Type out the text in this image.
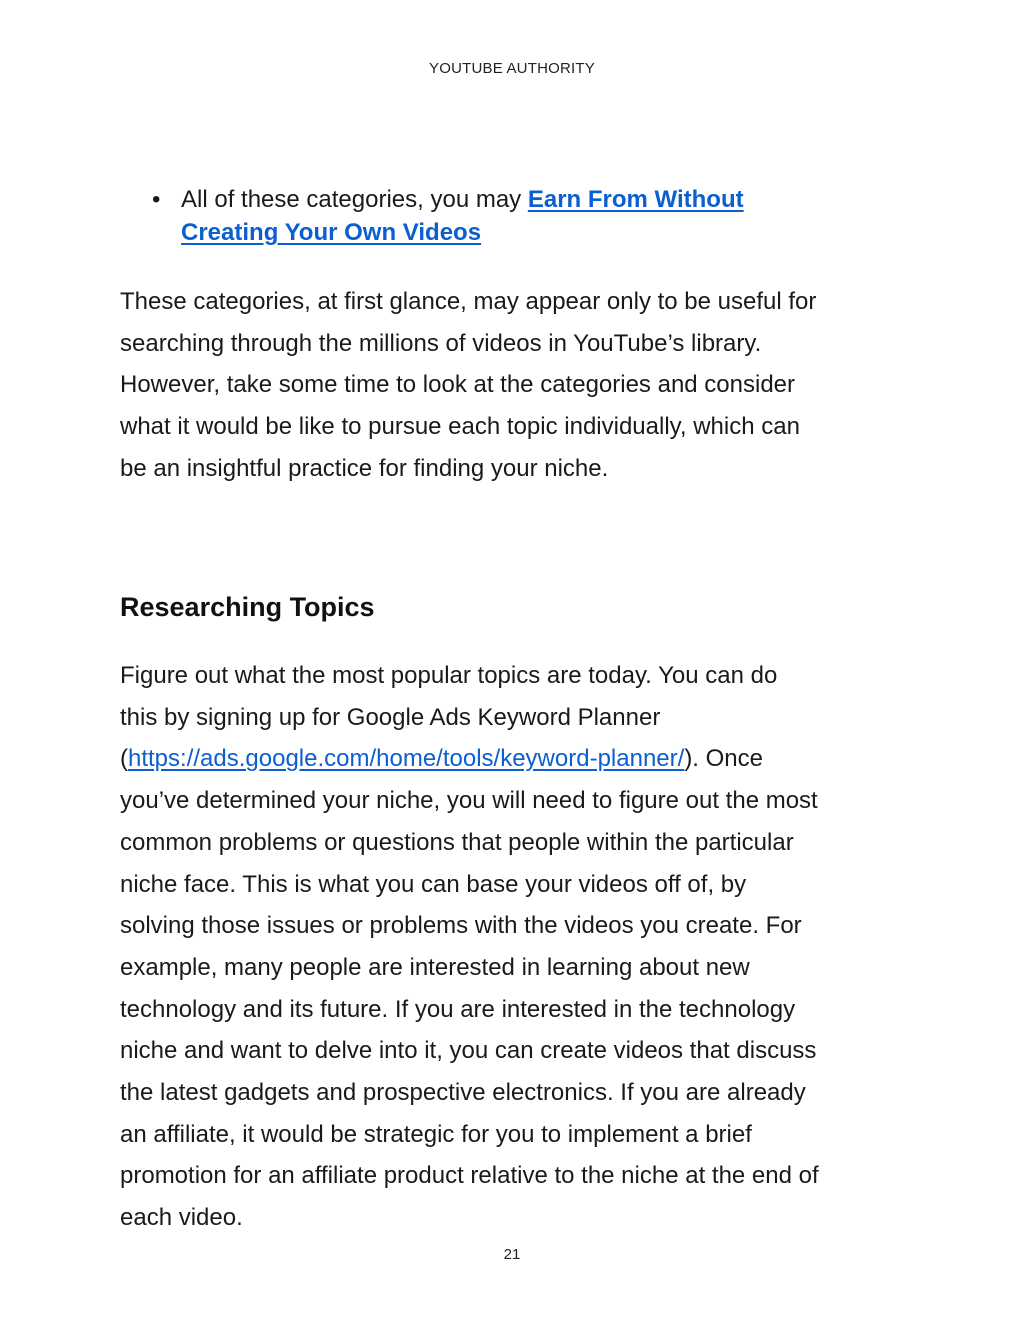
YOUTUBE AUTHORITY
• All of these categories, you may Earn From Without
Creating Your Own Videos
These categories, at first glance, may appear only to be useful for
searching through the millions of videos in YouTube’s library.
However, take some time to look at the categories and consider
what it would be like to pursue each topic individually, which can
be an insightful practice for finding your niche.
Researching Topics
Figure out what the most popular topics are today. You can do
this by signing up for Google Ads Keyword Planner
(https://ads.google.com/home/tools/keyword-planner/). Once
you’ve determined your niche, you will need to figure out the most
common problems or questions that people within the particular
niche face. This is what you can base your videos off of, by
solving those issues or problems with the videos you create. For
example, many people are interested in learning about new
technology and its future. If you are interested in the technology
niche and want to delve into it, you can create videos that discuss
the latest gadgets and prospective electronics. If you are already
an affiliate, it would be strategic for you to implement a brief
promotion for an affiliate product relative to the niche at the end of
each video.
21
